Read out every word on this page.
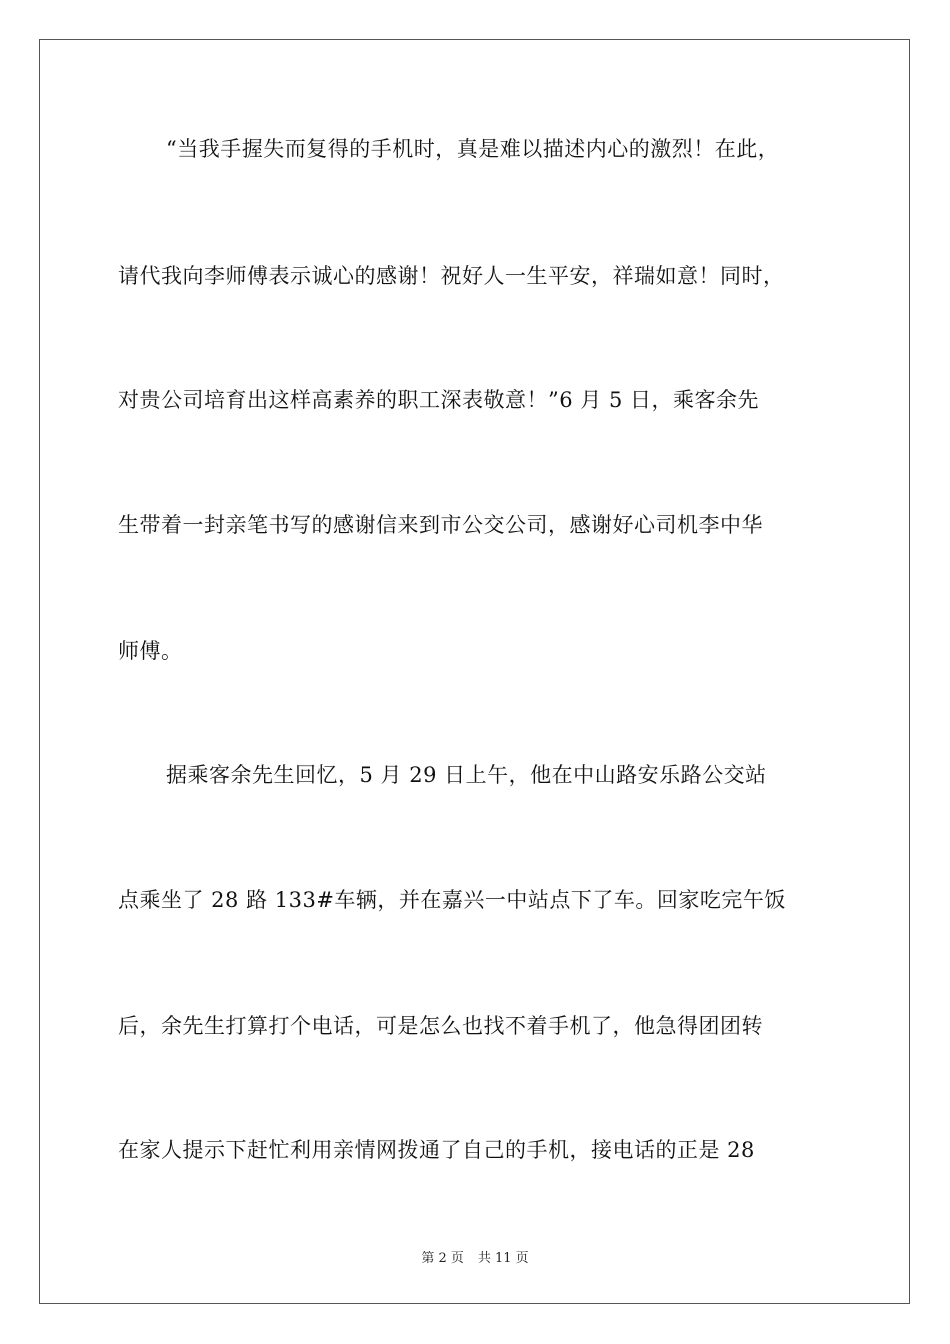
“当我手握失而复得的手机时，真是难以描述内心的激烈！在此，
请代我向李师傅表示诚心的感谢！祝好人一生平安，祥瑞如意！同时，
对贵公司培育出这样高素养的职工深表敬意！”6 月 5 日，乘客余先
生带着一封亲笔书写的感谢信来到市公交公司，感谢好心司机李中华
师傅。
据乘客余先生回忆，5 月 29 日上午，他在中山路安乐路公交站
点乘坐了 28 路 133#车辆，并在嘉兴一中站点下了车。回家吃完午饭
后，余先生打算打个电话，可是怎么也找不着手机了，他急得团团转
在家人提示下赶忙利用亲情网拨通了自己的手机，接电话的正是 28
第 2 页 共 11 页
